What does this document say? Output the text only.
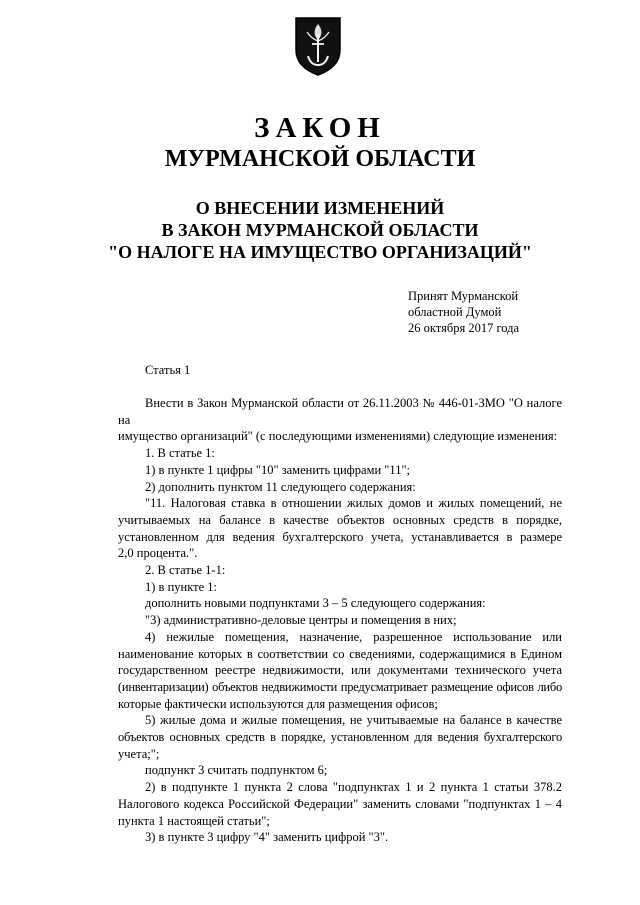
ЗАКОН
МУРМАНСКОЙ ОБЛАСТИ
О ВНЕСЕНИИ ИЗМЕНЕНИЙ
В ЗАКОН МУРМАНСКОЙ ОБЛАСТИ
"О НАЛОГЕ НА ИМУЩЕСТВО ОРГАНИЗАЦИЙ"
Принят Мурманской
областной Думой
26 октября 2017 года

Статья 1

Внести в Закон Мурманской области от 26.11.2003 № 446-01-ЗМО "О налоге на

имущество организаций" (с последующими изменениями) следующие изменения:

1. В статье 1:

1) в пункте 1 цифры "10" заменить цифрами "11";

2) дополнить пунктом 11 следующего содержания:

"11. Налоговая ставка в отношении жилых домов и жилых помещений, не

учитываемых на балансе в качестве объектов основных средств в порядке,

установленном для ведения бухгалтерского учета, устанавливается в размере

2,0 процента.".

2. В статье 1-1:

1) в пункте 1:

дополнить новыми подпунктами 3 – 5 следующего содержания:

"3) административно-деловые центры и помещения в них;

4) нежилые помещения, назначение, разрешенное использование или

наименование которых в соответствии со сведениями, содержащимися в Едином

государственном реестре недвижимости, или документами технического учета

(инвентаризации) объектов недвижимости предусматривает размещение офисов либо

которые фактически используются для размещения офисов;

5) жилые дома и жилые помещения, не учитываемые на балансе в качестве

объектов основных средств в порядке, установленном для ведения бухгалтерского

учета;";

подпункт 3 считать подпунктом 6;

2) в подпункте 1 пункта 2 слова "подпунктах 1 и 2 пункта 1 статьи 378.2

Налогового кодекса Российской Федерации" заменить словами "подпунктах 1 – 4

пункта 1 настоящей статьи";

3) в пункте 3 цифру "4" заменить цифрой "3".
